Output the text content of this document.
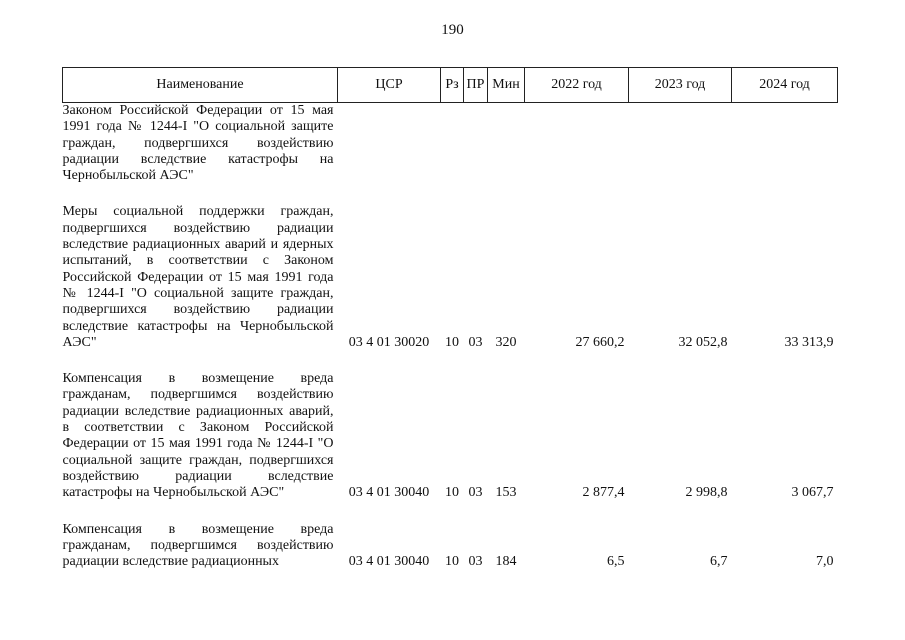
190
Наименование	ЦСР	Рз	ПР	Мин	2022 год	2023 год	2024 год

Законом Российской Федерации от 15 мая 1991 года № 1244-I "О социальной защите граждан, подвергшихся воздействию радиации вследствие катастрофы на Чернобыльской АЭС"							

Меры социальной поддержки граждан, подвергшихся воздействию радиации вследствие радиационных аварий и ядерных испытаний, в соответствии с Законом Российской Федерации от 15 мая 1991 года № 1244-I "О социальной защите граждан, подвергшихся воздействию радиации вследствие катастрофы на Чернобыльской АЭС"	03 4 01 30020	10	03	320	27 660,2	32 052,8	33 313,9

Компенсация в возмещение вреда гражданам, подвергшимся воздействию радиации вследствие радиационных аварий, в соответствии с Законом Российской Федерации от 15 мая 1991 года № 1244-I "О социальной защите граждан, подвергшихся воздействию радиации вследствие катастрофы на Чернобыльской АЭС"	03 4 01 30040	10	03	153	2 877,4	2 998,8	3 067,7

Компенсация в возмещение вреда гражданам, подвергшимся воздействию радиации вследствие радиационных	03 4 01 30040	10	03	184	6,5	6,7	7,0
